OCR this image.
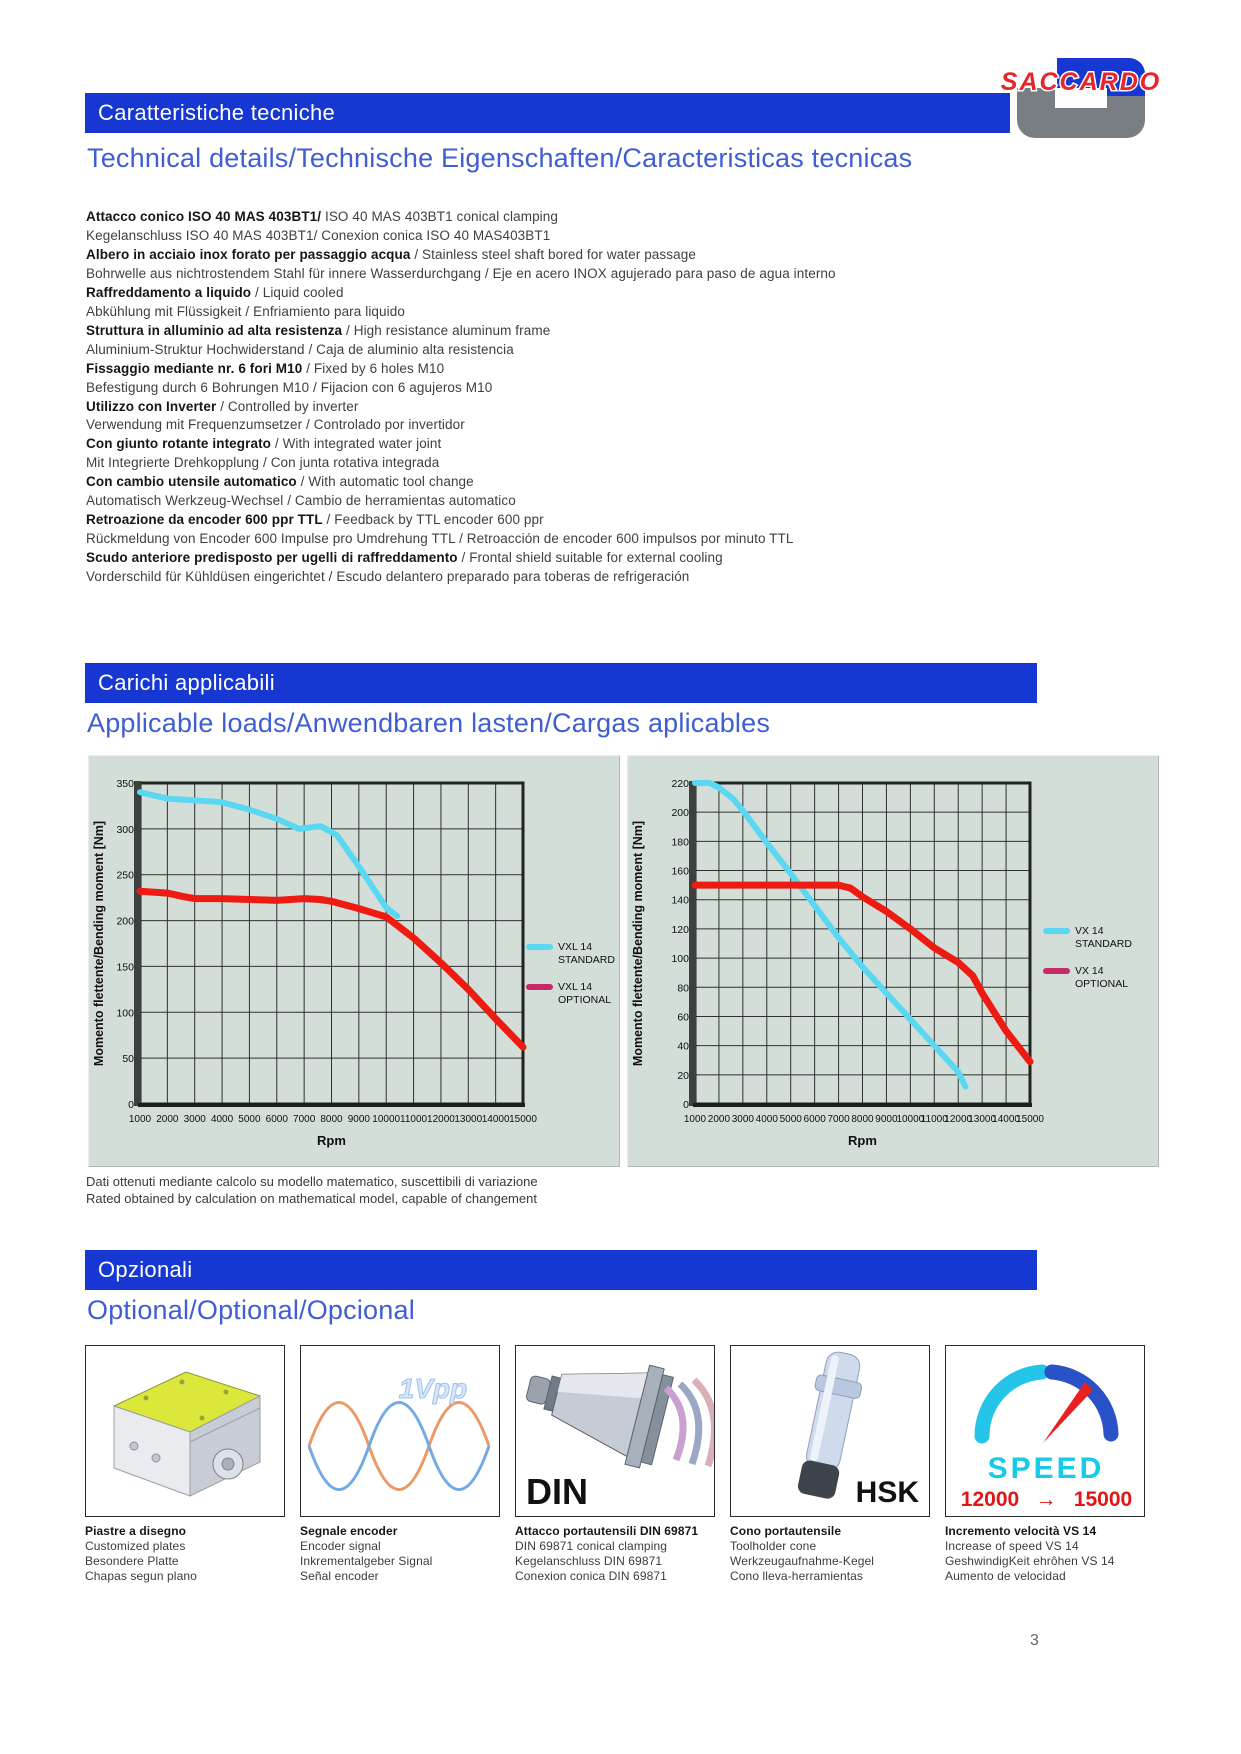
Caratteristiche tecniche
SACCARDO
Technical details/Technische Eigenschaften/Caracteristicas tecnicas
Attacco conico ISO 40 MAS 403BT1/ ISO 40 MAS 403BT1 conical clamping
Kegelanschluss ISO 40 MAS 403BT1/ Conexion conica ISO 40 MAS403BT1
Albero in acciaio inox forato per passaggio acqua / Stainless steel shaft bored for water passage
Bohrwelle aus nichtrostendem Stahl für innere Wasserdurchgang / Eje en acero INOX agujerado para paso de agua interno
Raffreddamento a liquido / Liquid cooled
Abkühlung mit Flüssigkeit / Enfriamiento para liquido
Struttura in alluminio ad alta resistenza / High resistance aluminum frame
Aluminium-Struktur Hochwiderstand / Caja de aluminio alta resistencia
Fissaggio mediante nr. 6 fori M10 / Fixed by 6 holes M10
Befestigung durch 6 Bohrungen M10 / Fijacion con 6 agujeros M10
Utilizzo con Inverter / Controlled by inverter
Verwendung mit Frequenzumsetzer / Controlado por invertidor
Con giunto rotante integrato / With integrated water joint
Mit Integrierte Drehkopplung / Con junta rotativa integrada
Con cambio utensile automatico / With automatic tool change
Automatisch Werkzeug-Wechsel / Cambio de herramientas automatico
Retroazione da encoder 600 ppr TTL / Feedback by TTL encoder 600 ppr
Rückmeldung von Encoder 600 Impulse pro Umdrehung TTL / Retroacción de encoder 600 impulsos por minuto TTL
Scudo anteriore predisposto per ugelli di raffreddamento / Frontal shield suitable for external cooling
Vorderschild für Kühldüsen eingerichtet / Escudo delantero preparado para toberas de refrigeración
Carichi applicabili
Applicable loads/Anwendbaren lasten/Cargas aplicables
1000 2000 3000 4000 5000 6000 7000 8000 9000 10000 11000 12000 13000 14000 15000
0
50
100
150
200
250
300
350
Rpm
Momento flettente/Bending moment [Nm]	VXL 14
STANDARD
VXL 14
OPTIONAL
1000 2000 3000 4000 5000 6000 7000 8000 9000
10000
11000
12000
13000
14000
15000
0
20
40
60
80
100
120
140
160
180
200
220
Rpm
Momento flettente/Bending moment [Nm]	VX 14
STANDARD
VX 14
OPTIONAL
Dati ottenuti mediante calcolo su modello matematico, suscettibili di variazione
Rated obtained by calculation on mathematical model, capable of changement
Opzionali
Optional/Optional/Opcional
Piastre a disegno
Customized plates
Besondere Platte
Chapas segun plano
1Vpp
Segnale encoder
Encoder signal
Inkrementalgeber Signal
Señal encoder
DIN
Attacco portautensili DIN 69871
DIN 69871 conical clamping
Kegelanschluss DIN 69871
Conexion conica DIN 69871
HSK
Cono portautensile
Toolholder cone
Werkzeugaufnahme-Kegel
Cono lleva-herramientas
SPEED
12000 → 15000
Incremento velocità VS 14
Increase of speed VS 14
GeshwindigKeit ehrôhen VS 14
Aumento de velocidad
3
